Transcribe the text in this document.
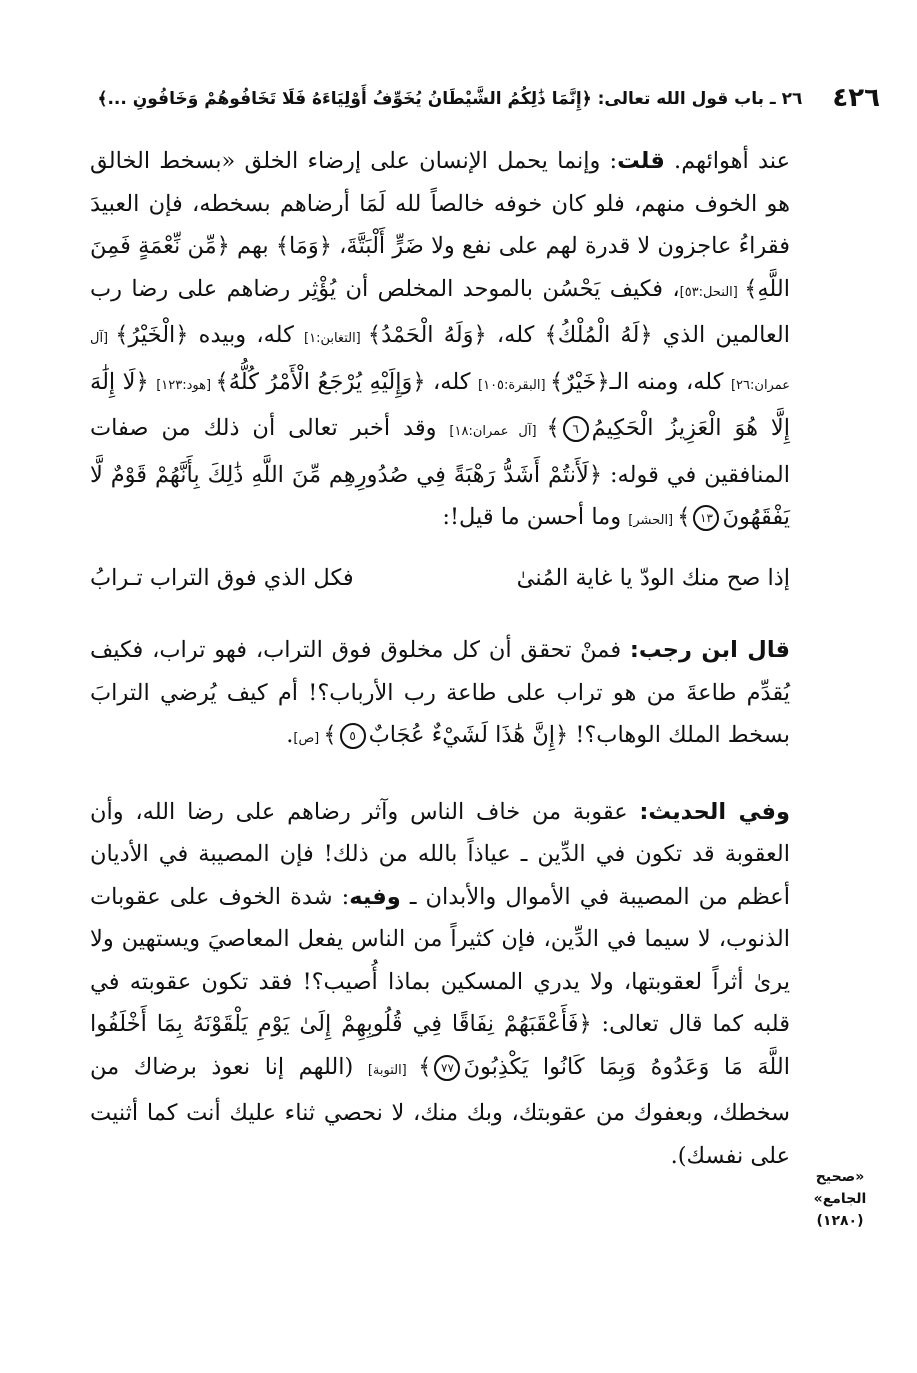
٤٢٦
٢٦ ـ باب قول الله تعالى: ﴿إِنَّمَا ذَٰلِكُمُ الشَّيْطَانُ يُخَوِّفُ أَوْلِيَاءَهُ فَلَا تَخَافُوهُمْ وَخَافُونِ ...﴾

عند أهوائهم. قلت: وإنما يحمل الإنسان على إرضاء الخلق «بسخط الخالق هو الخوف منهم، فلو كان خوفه خالصاً لله لَمَا أرضاهم بسخطه، فإن العبيدَ فقراءُ عاجزون لا قدرة لهم على نفع ولا ضَرٍّ أَلْبَتَّةَ، ﴿وَمَا﴾ بهم ﴿مِّن نِّعْمَةٍ فَمِنَ اللَّهِ﴾ [النحل:٥٣]، فكيف يَحْسُن بالموحد المخلص أن يُؤْثِر رضاهم على رضا رب العالمين الذي ﴿لَهُ الْمُلْكُ﴾ كله، ﴿وَلَهُ الْحَمْدُ﴾ [التغابن:١] كله، وبيده ﴿الْخَيْرُ﴾ [آل عمران:٢٦] كله، ومنه الـ﴿خَيْرٌ﴾ [البقرة:١٠٥] كله، ﴿وَإِلَيْهِ يُرْجَعُ الْأَمْرُ كُلُّهُ﴾ [هود:١٢٣] ﴿لَا إِلَٰهَ إِلَّا هُوَ الْعَزِيزُ الْحَكِيمُ٦﴾ [آل عمران:١٨] وقد أخبر تعالى أن ذلك من صفات المنافقين في قوله: ﴿لَأَنتُمْ أَشَدُّ رَهْبَةً فِي صُدُورِهِم مِّنَ اللَّهِ ذَٰلِكَ بِأَنَّهُمْ قَوْمٌ لَّا يَفْقَهُونَ١٣﴾ [الحشر] وما أحسن ما قيل!:

إذا صح منك الودّ يا غاية المُنىٰ
فكل الذي فوق التراب تـرابُ

قال ابن رجب: فمنْ تحقق أن كل مخلوق فوق التراب، فهو تراب، فكيف يُقدِّم طاعةَ من هو تراب على طاعة رب الأرباب؟! أم كيف يُرضي الترابَ بسخط الملك الوهاب؟! ﴿إِنَّ هَٰذَا لَشَيْءٌ عُجَابٌ٥﴾ [ص].

وفي الحديث: عقوبة من خاف الناس وآثر رضاهم على رضا الله، وأن العقوبة قد تكون في الدِّين ـ عياذاً بالله من ذلك! فإن المصيبة في الأديان أعظم من المصيبة في الأموال والأبدان ـ وفيه: شدة الخوف على عقوبات الذنوب، لا سيما في الدِّين، فإن كثيراً من الناس يفعل المعاصيَ ويستهين ولا يرىٰ أثراً لعقوبتها، ولا يدري المسكين بماذا أُصيب؟! فقد تكون عقوبته في قلبه كما قال تعالى: ﴿فَأَعْقَبَهُمْ نِفَاقًا فِي قُلُوبِهِمْ إِلَىٰ يَوْمِ يَلْقَوْنَهُ بِمَا أَخْلَفُوا اللَّهَ مَا وَعَدُوهُ وَبِمَا كَانُوا يَكْذِبُونَ٧٧﴾ [التوبة] (اللهم إنا نعوذ برضاك من سخطك، وبعفوك من عقوبتك، وبك منك، لا نحصي ثناء عليك أنت كما أثنيت على نفسك).

«صحيح
الجامع»
(١٢٨٠)
